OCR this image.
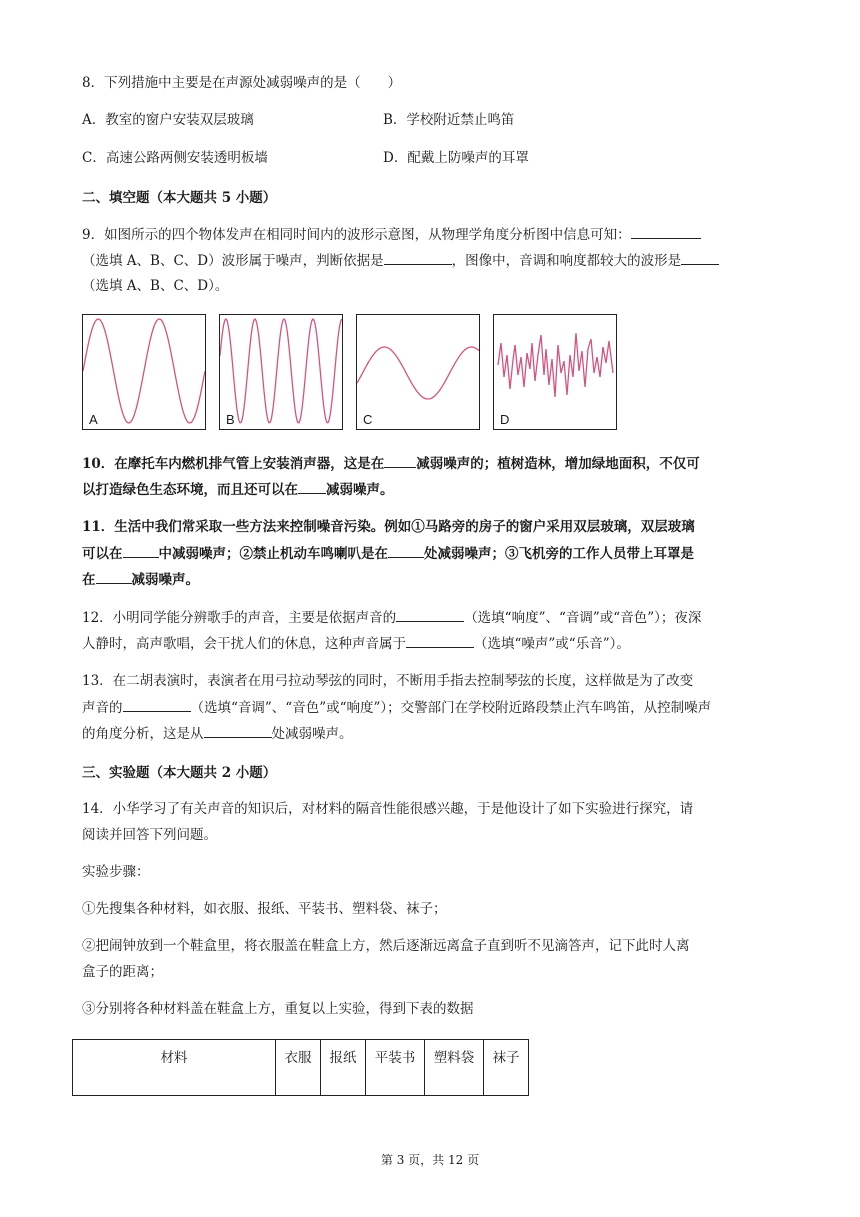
8．下列措施中主要是在声源处减弱噪声的是（　　）
A．教室的窗户安装双层玻璃	B．学校附近禁止鸣笛
C．高速公路两侧安装透明板墙	D．配戴上防噪声的耳罩
二、填空题（本大题共 5 小题）
9．如图所示的四个物体发声在相同时间内的波形示意图，从物理学角度分析图中信息可知：
（选填 A、B、C、D）波形属于噪声，判断依据是	，图像中，音调和响度都较大的波形是
（选填 A、B、C、D）。
A	B	C	D
10．在摩托车内燃机排气管上安装消声器，这是在 减弱噪声的；植树造林，增加绿地面积，不仅可
以打造绿色生态环境，而且还可以在 减弱噪声。
11．生活中我们常采取一些方法来控制噪音污染。例如①马路旁的房子的窗户采用双层玻璃，双层玻璃
可以在	中减弱噪声；②禁止机动车鸣喇叭是在	处减弱噪声；③飞机旁的工作人员带上耳罩是
在	减弱噪声。
12．小明同学能分辨歌手的声音，主要是依据声音的	（选填“响度”、“音调”或“音色”）；夜深
人静时，高声歌唱，会干扰人们的休息，这种声音属于	（选填“噪声”或“乐音”）。
13．在二胡表演时，表演者在用弓拉动琴弦的同时，不断用手指去控制琴弦的长度，这样做是为了改变
声音的	（选填“音调”、“音色”或“响度”）；交警部门在学校附近路段禁止汽车鸣笛，从控制噪声
的角度分析，这是从	处减弱噪声。
三、实验题（本大题共 2 小题）
14．小华学习了有关声音的知识后，对材料的隔音性能很感兴趣，于是他设计了如下实验进行探究，请
阅读并回答下列问题。
实验步骤：
①先搜集各种材料，如衣服、报纸、平装书、塑料袋、袜子；
②把闹钟放到一个鞋盒里，将衣服盖在鞋盒上方，然后逐渐远离盒子直到听不见滴答声，记下此时人离
盒子的距离；
③分别将各种材料盖在鞋盒上方，重复以上实验，得到下表的数据
材料	衣服	报纸	平装书	塑料袋	袜子
第 3 页，共 12 页
